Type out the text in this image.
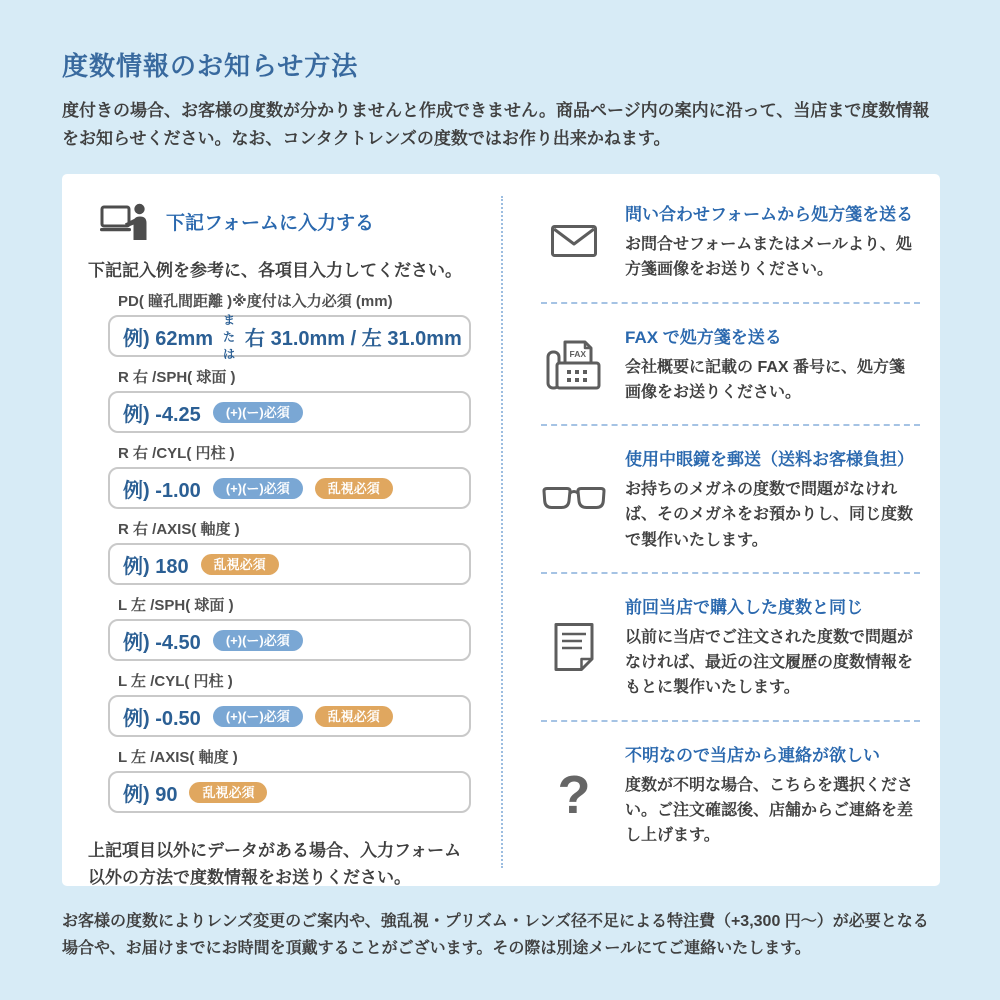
度数情報のお知らせ方法

度付きの場合、お客様の度数が分かりませんと作成できません。商品ページ内の案内に沿って、当店まで度数情報をお知らせください。なお、コンタクトレンズの度数ではお作り出来かねます。

下記フォームに入力する

下記記入例を参考に、各項目入力してください。

PD( 瞳孔間距離 )※度付は入力必須 (mm)
例) 62mm
または
右 31.0mm / 左 31.0mm
R 右 /SPH( 球面 )
例) -4.25	(+)(ー)必須
R 右 /CYL( 円柱 )
例) -1.00	(+)(ー)必須	乱視必須
R 右 /AXIS( 軸度 )
例) 180	乱視必須
L 左 /SPH( 球面 )
例) -4.50	(+)(ー)必須
L 左 /CYL( 円柱 )
例) -0.50	(+)(ー)必須	乱視必須
L 左 /AXIS( 軸度 )
例) 90	乱視必須

上記項目以外にデータがある場合、入力フォーム以外の方法で度数情報をお送りください。

問い合わせフォームから処方箋を送る

お問合せフォームまたはメールより、処方箋画像をお送りください。

FAX
FAX で処方箋を送る

会社概要に記載の FAX 番号に、処方箋画像をお送りください。

使用中眼鏡を郵送（送料お客様負担）

お持ちのメガネの度数で問題がなければ、そのメガネをお預かりし、同じ度数で製作いたします。

前回当店で購入した度数と同じ

以前に当店でご注文された度数で問題がなければ、最近の注文履歴の度数情報をもとに製作いたします。

?
不明なので当店から連絡が欲しい

度数が不明な場合、こちらを選択ください。ご注文確認後、店舗からご連絡を差し上げます。

お客様の度数によりレンズ変更のご案内や、強乱視・プリズム・レンズ径不足による特注費（+3,300 円〜）が必要となる場合や、お届けまでにお時間を頂戴することがございます。その際は別途メールにてご連絡いたします。
